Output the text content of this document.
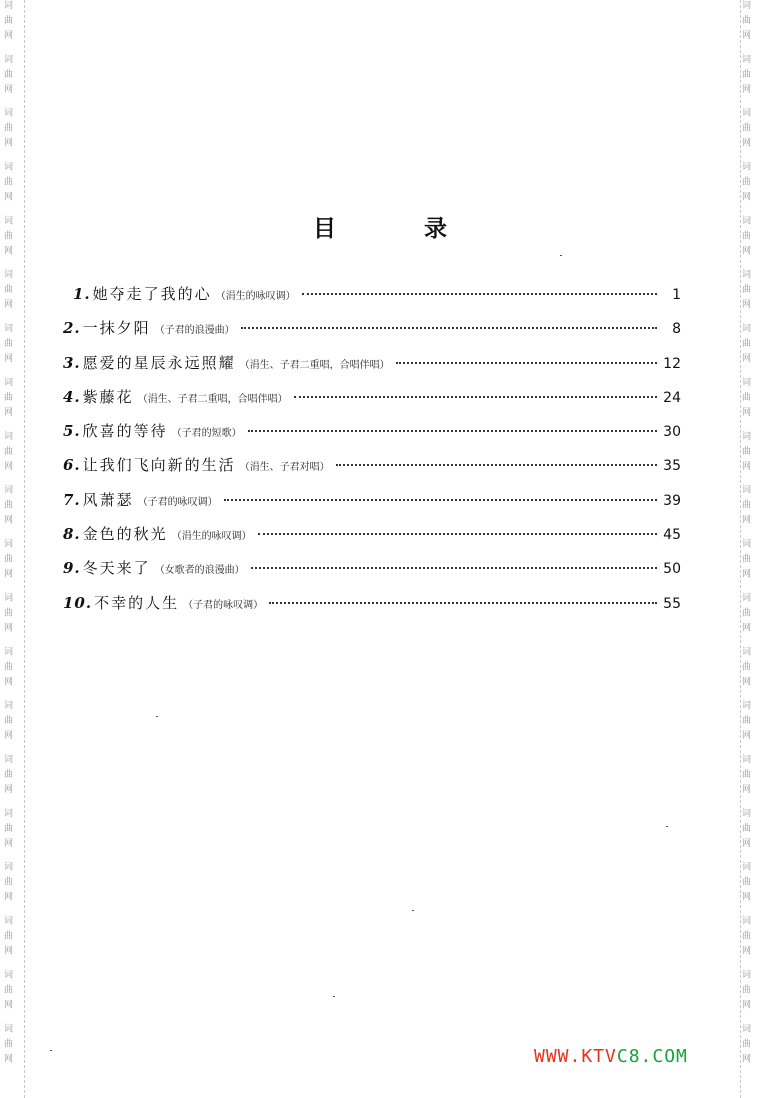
词曲网 词曲网 词曲网 词曲网 词曲网 词曲网 词曲网 词曲网 词曲网 词曲网 词曲网 词曲网 词曲网 词曲网 词曲网 词曲网 词曲网 词曲网 词曲网 词曲网	词曲网 词曲网 词曲网 词曲网 词曲网 词曲网 词曲网 词曲网 词曲网 词曲网 词曲网 词曲网 词曲网 词曲网 词曲网 词曲网 词曲网 词曲网 词曲网 词曲网
目	录
1. 她夺走了我的心 （涓生的咏叹调）	1
2. 一抹夕阳 （子君的浪漫曲）	8
3. 愿爱的星辰永远照耀 （涓生、子君二重唱，合唱伴唱）	12
4. 紫藤花 （涓生、子君二重唱，合唱伴唱）	24
5. 欣喜的等待 （子君的短歌）	30
6. 让我们飞向新的生活 （涓生、子君对唱）	35
7. 风萧瑟 （子君的咏叹调）	39
8. 金色的秋光 （涓生的咏叹调）	45
9. 冬天来了 （女歌者的浪漫曲）	50
10. 不幸的人生 （子君的咏叹调）	55
WWW.KTVC8.COM
